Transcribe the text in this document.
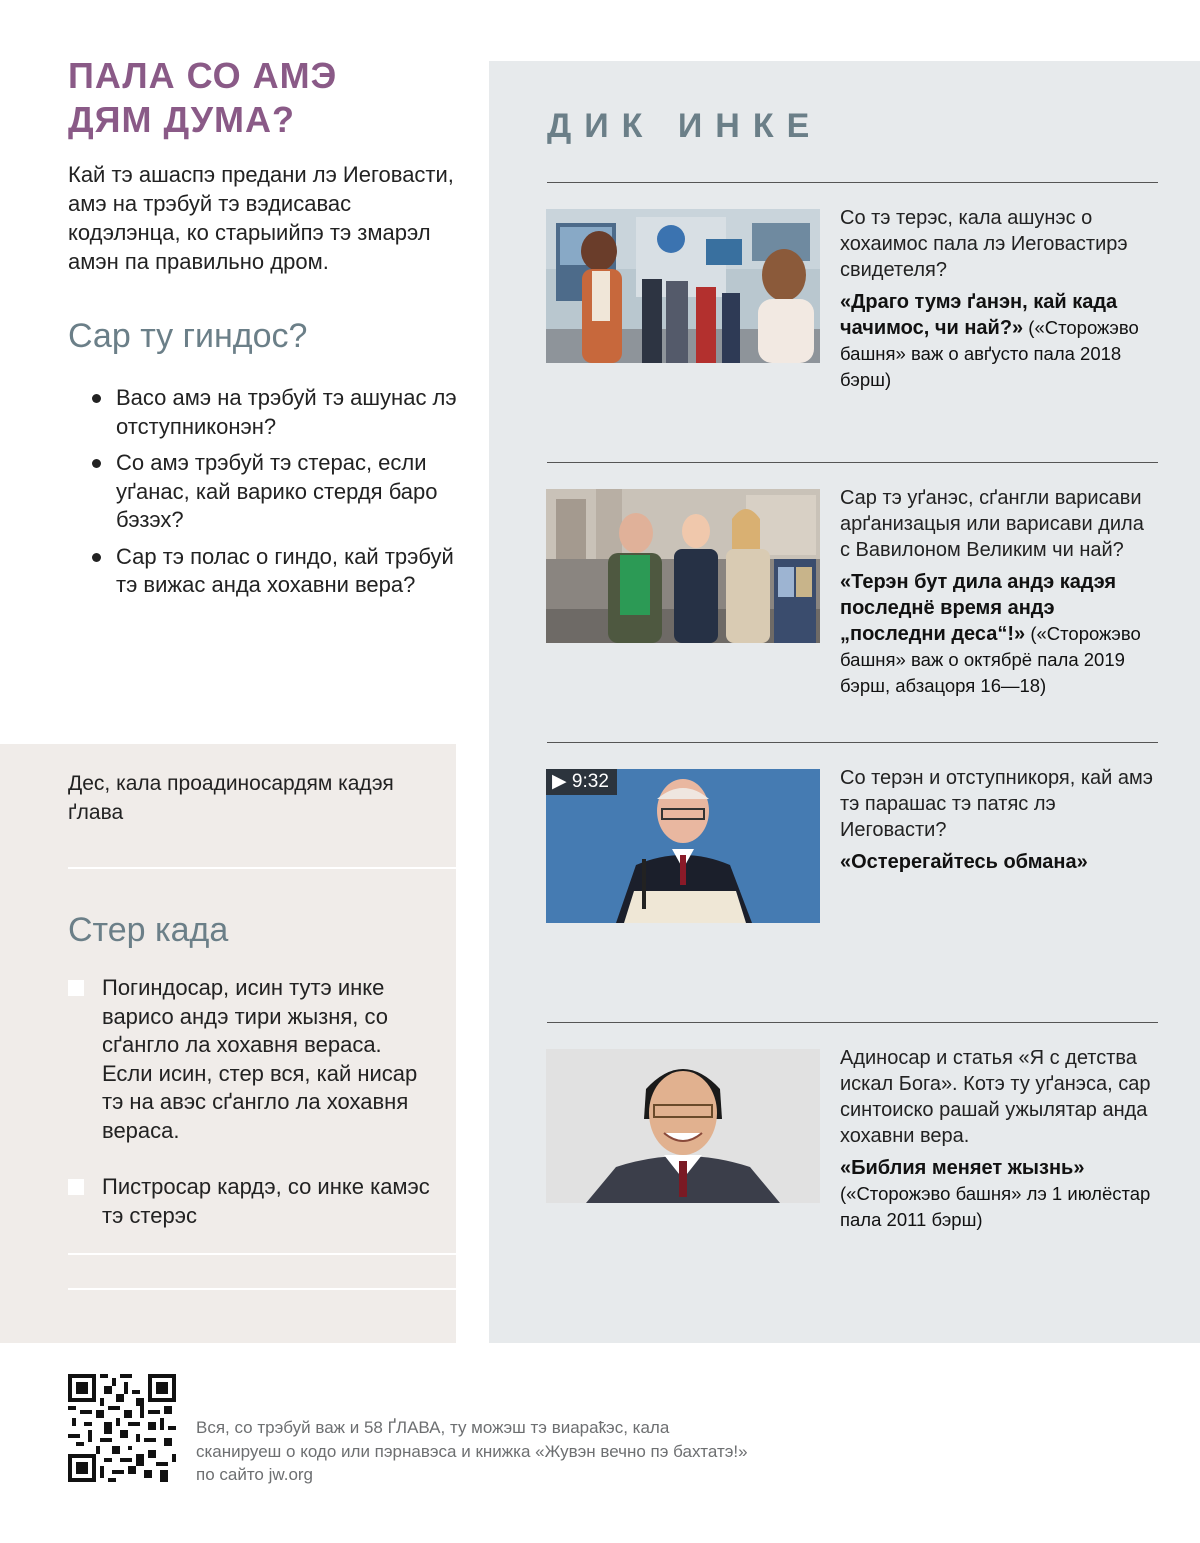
ПАЛА СО АМЭ
ДЯМ ДУМА?

Кай тэ ашаспэ предани лэ Иеговасти, амэ на трэбуй тэ вэдисавас кодэлэнца, ко старыийпэ тэ змарэл амэн па правильно дром.

Сар ту гиндос?
Васо амэ на трэбуй тэ ашунас лэ отступниконэн?
Со амэ трэбуй тэ стерас, если уґанас, кай варико стердя баро бэзэх?
Сар тэ полас о гиндо, кай трэбуй тэ вижас анда хохавни вера?

Дес, кала проадиносардям кадэя ґлава

Стер када
Погиндосар, исин тутэ инке варисо андэ тири жызня, со сґангло ла хохавня вераса. Если исин, стер вся, кай нисар тэ на авэс сґангло ла хохавня вераса.
Пистросар кардэ, со инке камэс тэ стерэс
ДИК ИНКЕ

Со тэ терэс, кала ашунэс о хохаимос пала лэ Иеговастирэ свидетеля?

«Драго тумэ ґанэн, кай када чачимос, чи най?» («Сторожэво башня» важ о авґусто пала 2018 бэрш)

Сар тэ уґанэс, сґангли варисави арґанизацыя или варисави дила с Вавилоном Великим чи най?

«Терэн бут дила андэ кадэя последнё время андэ „последни деса“!» («Сторожэво башня» важ о октябрё пала 2019 бэрш, абзацоря 16—18)

▶ 9:32	Со терэн и отступникоря, кай амэ тэ парашас тэ патяс лэ Иеговасти?

«Остерегайтесь обмана»

Адиносар и статья «Я с детства искал Бога». Котэ ту уґанэса, сар синтоиско рашай ужылятар анда хохавни вера.

«Библия меняет жызнь» («Сторожэво башня» лэ 1 июлёстар пала 2011 бэрш)

Вся, со трэбуй важ и 58 ҐЛАВА, ту можэш тэ виараҟэс, кала сканируеш о кодо или пэрнавэса и книжка «Жувэн вечно пэ бахтатэ!» по сайто jw.org
